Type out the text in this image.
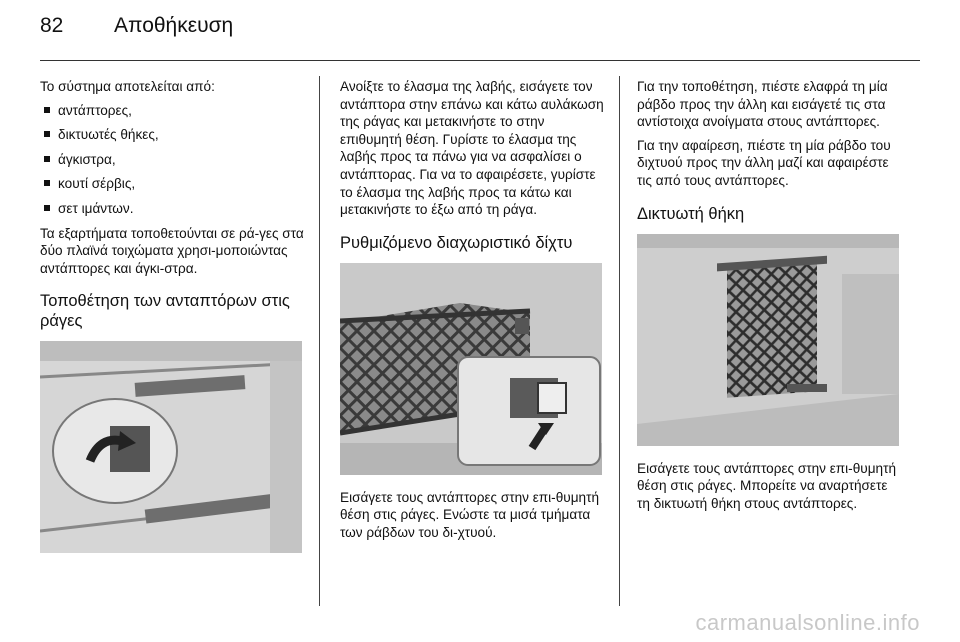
82 Αποθήκευση

Το σύστημα αποτελείται από:

αντάπτορες,
δικτυωτές θήκες,
άγκιστρα,
κουτί σέρβις,
σετ ιμάντων.

Τα εξαρτήματα τοποθετούνται σε ρά-γες στα δύο πλαϊνά τοιχώματα χρησι-μοποιώντας αντάπτορες και άγκι-στρα.

Τοποθέτηση των ανταπτόρων στις ράγες

Ανοίξτε το έλασμα της λαβής, εισάγετε τον αντάπτορα στην επάνω και κάτω αυλάκωση της ράγας και μετακινήστε το στην επιθυμητή θέση. Γυρίστε το έλασμα της λαβής προς τα πάνω για να ασφαλίσει ο αντάπτορας. Για να το αφαιρέσετε, γυρίστε το έλασμα της λαβής προς τα κάτω και μετακινήστε το έξω από τη ράγα.

Ρυθμιζόμενο διαχωριστικό δίχτυ

Εισάγετε τους αντάπτορες στην επι-θυμητή θέση στις ράγες. Ενώστε τα μισά τμήματα των ράβδων του δι-χτυού.

Για την τοποθέτηση, πιέστε ελαφρά τη μία ράβδο προς την άλλη και εισάγετέ τις στα αντίστοιχα ανοίγματα στους αντάπτορες.

Για την αφαίρεση, πιέστε τη μία ράβδο του διχτυού προς την άλλη μαζί και αφαιρέστε τις από τους αντάπτορες.

Δικτυωτή θήκη

Εισάγετε τους αντάπτορες στην επι-θυμητή θέση στις ράγες. Μπορείτε να αναρτήσετε τη δικτυωτή θήκη στους αντάπτορες.

carmanualsonline.info
